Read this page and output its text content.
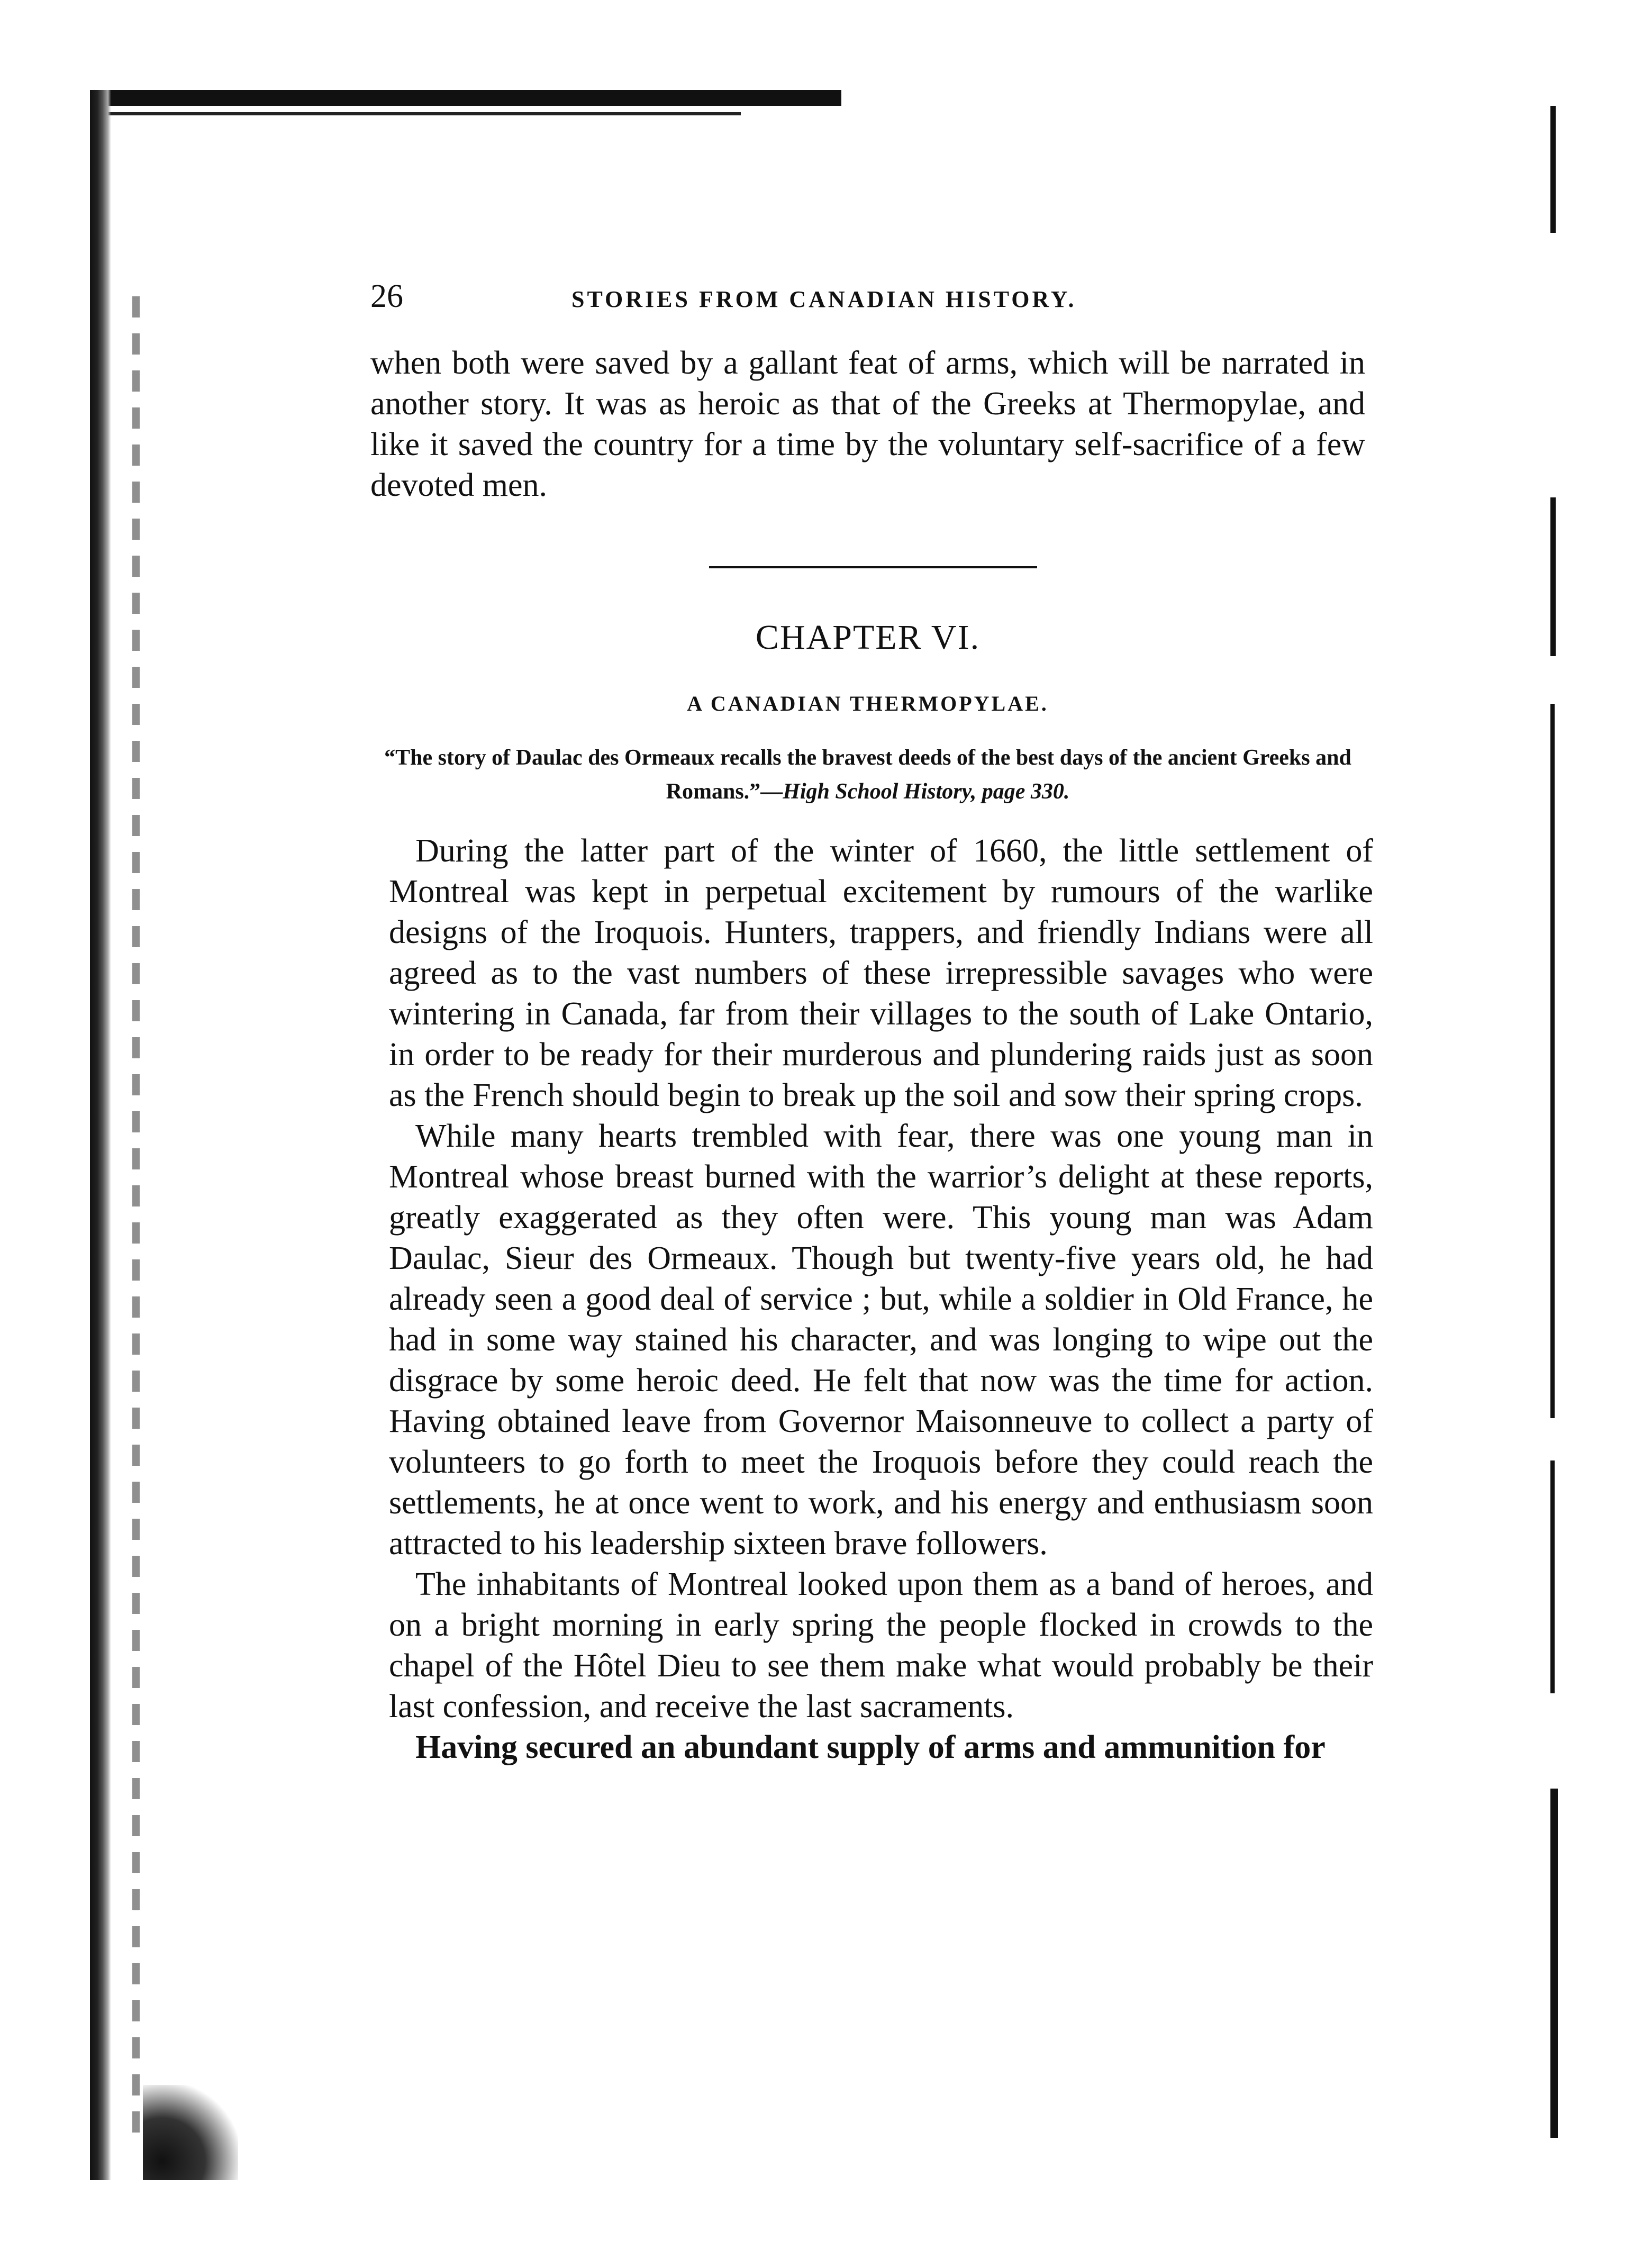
26	STORIES FROM CANADIAN HISTORY.

when both were saved by a gallant feat of arms, which will be narrated in another story. It was as heroic as that of the Greeks at Thermopylae, and like it saved the country for a time by the voluntary self-sacrifice of a few devoted men.

CHAPTER VI.
A CANADIAN THERMOPYLAE.
“The story of Daulac des Ormeaux recalls the bravest deeds of the best days of the ancient Greeks and Romans.”—High School History, page 330.

During the latter part of the winter of 1660, the little settlement of Montreal was kept in perpetual excitement by rumours of the warlike designs of the Iroquois. Hunters, trappers, and friendly Indians were all agreed as to the vast numbers of these irrepressible savages who were wintering in Canada, far from their villages to the south of Lake Ontario, in order to be ready for their murderous and plundering raids just as soon as the French should begin to break up the soil and sow their spring crops.

While many hearts trembled with fear, there was one young man in Montreal whose breast burned with the warrior’s delight at these reports, greatly exaggerated as they often were. This young man was Adam Daulac, Sieur des Ormeaux. Though but twenty-five years old, he had already seen a good deal of service ; but, while a soldier in Old France, he had in some way stained his character, and was longing to wipe out the disgrace by some heroic deed. He felt that now was the time for action. Having obtained leave from Governor Maisonneuve to collect a party of volunteers to go forth to meet the Iroquois before they could reach the settlements, he at once went to work, and his energy and enthusiasm soon attracted to his leadership sixteen brave followers.

The inhabitants of Montreal looked upon them as a band of heroes, and on a bright morning in early spring the people flocked in crowds to the chapel of the Hôtel Dieu to see them make what would probably be their last confession, and receive the last sacraments.

Having secured an abundant supply of arms and ammunition for
